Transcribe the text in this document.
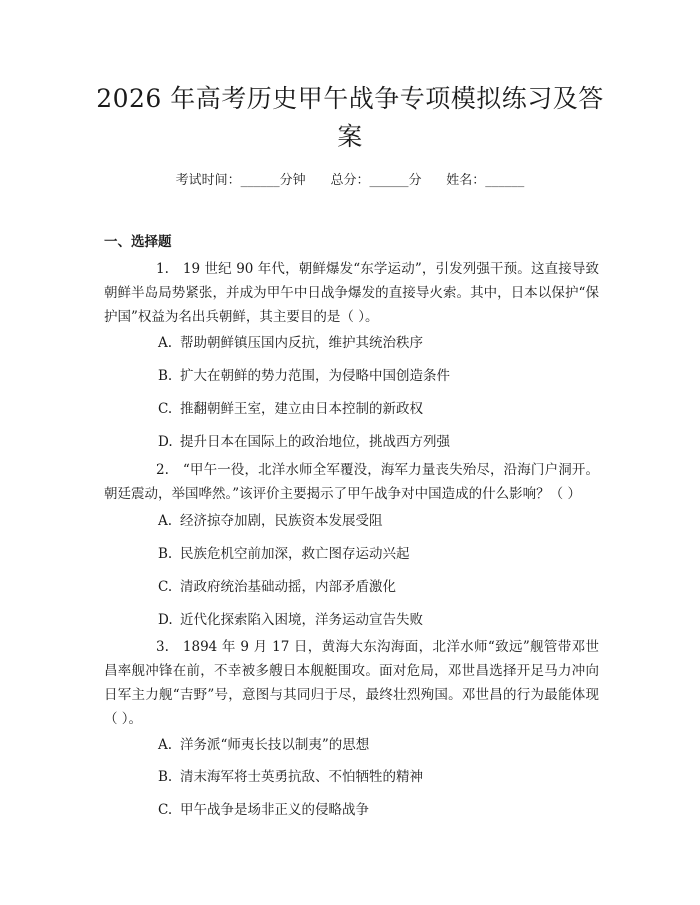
2026 年高考历史甲午战争专项模拟练习及答案
考试时间：______分钟 总分：______分 姓名：______
一、选择题
1. 19 世纪 90 年代，朝鲜爆发“东学运动”，引发列强干预。这直接导致朝鲜半岛局势紧张，并成为甲午中日战争爆发的直接导火索。其中，日本以保护“保护国”权益为名出兵朝鲜，其主要目的是（ ）。
A. 帮助朝鲜镇压国内反抗，维护其统治秩序
B. 扩大在朝鲜的势力范围，为侵略中国创造条件
C. 推翻朝鲜王室，建立由日本控制的新政权
D. 提升日本在国际上的政治地位，挑战西方列强
2. “甲午一役，北洋水师全军覆没，海军力量丧失殆尽，沿海门户洞开。朝廷震动，举国哗然。”该评价主要揭示了甲午战争对中国造成的什么影响？（ ）
A. 经济掠夺加剧，民族资本发展受阻
B. 民族危机空前加深，救亡图存运动兴起
C. 清政府统治基础动摇，内部矛盾激化
D. 近代化探索陷入困境，洋务运动宣告失败
3. 1894 年 9 月 17 日，黄海大东沟海面，北洋水师“致远”舰管带邓世昌率舰冲锋在前，不幸被多艘日本舰艇围攻。面对危局，邓世昌选择开足马力冲向日军主力舰“吉野”号，意图与其同归于尽，最终壮烈殉国。邓世昌的行为最能体现（ ）。
A. 洋务派“师夷长技以制夷”的思想
B. 清末海军将士英勇抗敌、不怕牺牲的精神
C. 甲午战争是场非正义的侵略战争
